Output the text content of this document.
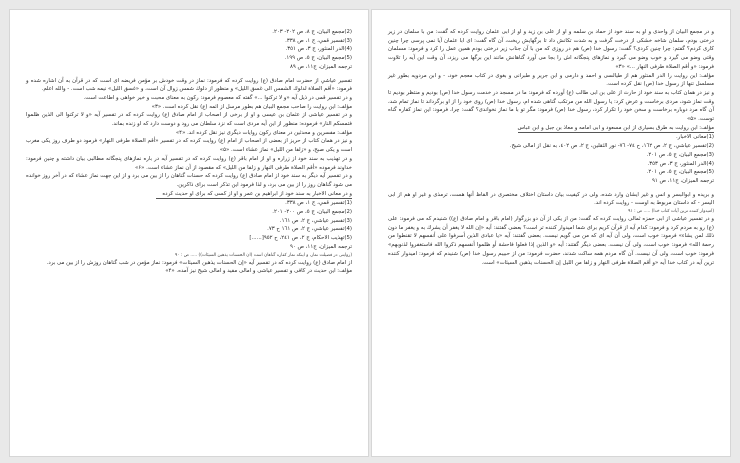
(2)مجمع البيان، ج ٨، ص ٢٠٢- ٢٠٣.
(3)تفسير قمي، ج ١، ص ٣٣٨.
(4)الدر المنثور، ج ٣، ص ٣٥١.
(5)مجمع البيان، ج ٥، ص ١٩٩.
ترجمه الميزان، ج١١، ص ٨٩

تفسير عياشي از حضرت امام صادق (ع) روايت کرده که فرمود: نماز در وقت خودش بر مؤمن فريضه ای است که در قرآن به آن اشاره شده و فرمود: «أقم الصلاة لدلوك الشمس الی غسق الليل» و منظور از دلوك شمس زوال آن است، و «غسق الليل» نيمه شب است. - والله اعلم.

و در تفسير قمی در ذيل آيه «و لا تركنوا ...» گفته که معصوم فرمود: رکون به معنای محبت و خير خواهی و اطاعت است.

مؤلف: اين روايت را صاحب مجمع البيان هم بطور مرسل از ائمه (ع) نقل کرده است. «۳»

و در تفسير عياشی از عثمان بن عيسی و او از برخی از اصحاب از امام صادق (ع) روايت کرده که در تفسير آيه «و لا تركنوا الی الذين ظلموا فتمسكم النار» فرموده: منظور از اين آيه مردی است که نزد سلطان می رود و دوست دارد که او زنده بماند.

مؤلف: مفسرين و محدثين در معنای رکون روايات ديگری نيز نقل کرده اند. «۴»

و نيز در همان کتاب از حريز از بعضی از اصحاب از امام (ع) روايت کرده که در تفسير «أقم الصلاة طرفی النهار» فرمود دو طرف روز يکی مغرب است و يکی صبح، و «زلفا من الليل» نماز عشاء است. «۵»

و در تهذيب به سند خود از زراره و او از امام باقر (ع) روايت کرده که در تفسير آيه در باره نمازهای پنجگانه مطالبی بيان داشته و چنين فرمود: خداوند فرموده «أقم الصلاة طرفی النهار و زلفا من الليل» که مقصود از آن نماز عشاء است. «۶»

و در تفسير آيه ديگر به سند خود از امام صادق (ع) روايت کرده که حسنات گناهان را از بين می برد و از اين جهت نماز عشاء که در آخر روز خوانده می شود گناهان روز را از بين می برد، و لذا فرمود اين تذکر است برای ذاکرين.

و در معانی الاخبار به سند خود از ابراهيم بن عمر و او از کسی که برای او حديث کرده

(1)تفسير قمي، ج ١، ص ٣٣٨.
(2)مجمع البيان، ج ٥، ص ٢٠٠- ٢٠١.
(3)تفسير عياشي، ج ٢، ص ١٦١.
(4)تفسير عياشي، ج ٢، ص ١٦١ ح ٧٣.
(5)تهذيب الاحكام، ج ٢، ص ٢٤١، ح ٩٥٢[......]
ترجمه الميزان، ج١١، ص ٩٠
(روايتی در فضيلت نماز، و اينکه نماز کفاره گناهان است (ان الحسنات يذهبن السيئات)) ..... ص : ٩٠

از امام صادق (ع) روايت کرده که در تفسير آيه «إن الحسنات يذهبن السيئات» فرمود: نماز مؤمن در شب گناهان روزش را از بين می برد.

مؤلف: اين حديث در کافی و تفسير عياشی و امالی مفيد و امالی شيخ نيز آمده. «۴»

و در مجمع البيان از واحدی و او به سند خود از حماد بن سلمه و او از علی بن زيد و او از ابی عثمان روايت کرده که گفت: من با سلمان در زير درختی بودم، سلمان شاخه خشکی از درخت گرفت و به شدت تکانش داد تا برگهايش ريخت، آن گاه گفت: ای ابا عثمان آيا نمی پرسی چرا چنين کاری کردم؟ گفتم: چرا چنين کردی؟ گفت: رسول خدا (ص) هم در روزی که من با آن جناب زير درختی بودم همين عمل را کرد و فرمود: مسلمان وقتی وضو می گيرد و خوب وضو می گيرد و نمازهای پنجگانه اش را بجا می آورد گناهانش مانند اين برگها می ريزد، آن وقت اين آيه را تلاوت فرمود: «و أقم الصلاة طرفی النهار ...» «۳»

مؤلف: اين روايت را الدر المنثور هم از طيالسی و احمد و دارمی و ابن جرير و طبرانی و بغوی در کتاب معجم خود، - و ابن مردويه بطور غير مسلسل تنها از رسول خدا (ص) نقل کرده است.

و نيز در همان کتاب به سند خود از حارث از علی بن ابی طالب (ع) آورده که فرمود: ما در مسجد در خدمت رسول خدا (ص) بوديم و منتظر بوديم تا وقت نماز شود، مردی برخاست و عرض کرد: يا رسول الله من مرتکب گناهی شده ام، رسول خدا (ص) روی خود را از او برگرداند تا نماز تمام شد، آن گاه مرد دوباره برخاست و سخن خود را تکرار کرد، رسول خدا (ص) فرمود: مگر تو با ما نماز نخواندی؟ گفت: چرا، فرمود: اين نماز کفاره گناه توست. «۵»

مؤلف: اين روايت به طرق بسياری از ابن مسعود و ابی امامه و معاذ بن جبل و ابن عباس

(1)معانی الاخبار.
(2)تفسير عياشي، ج ٢، ص ١٦٢، ح ٧٤- ٧٦- نور الثقلين، ج ٢، ص ٤٠٢، به نقل از امالی شيخ.
(3)مجمع البيان، ج ٥، ص ٢٠١.
(4)الدر المنثور، ج ٣، ص ٣٥٣.
(5)مجمع البيان، ج ٥، ص ٢٠١.
ترجمه الميزان، ج١١، ص ٩١

و بريده و ابوالبسر و انس و غير ايشان وارد شده، ولی در کيفيت بيان داستان اختلاف مختصری در الفاظ آنها هست، ترمذی و غير او هم از ابی اليسر - که داستان مربوط به اوست - روايت کرده اند.

(اميدوار کننده ترين آيات کتاب خدا) ..... ص : ٩١

و در تفسير عياشی از ابی حمزه ثمالی روايت کرده که گفت: من از يکی از آن دو بزرگوار (امام باقر و امام صادق (ع)) شنيدم که می فرمود: علی (ع) رو به مردم کرد و فرمود: کدام آيه از قرآن کريم برای شما اميدوار کننده تر است؟ بعضی گفتند: آيه «إن الله لا يغفر أن يشرك به و يغفر ما دون ذلك لمن يشاء» فرمود: خوب است، ولی آن آيه ای که من می گويم نيست. بعضی گفتند: آيه «يا عبادی الذين أسرفوا علی أنفسهم لا تقنطوا من رحمة الله» فرمود: خوب است، ولی آن نيست. بعضی ديگر گفتند: آيه «و الذين إذا فعلوا فاحشة أو ظلموا أنفسهم ذكروا الله فاستغفروا لذنوبهم» فرمود: خوب است، ولی آن نيست. آن گاه مردم همه ساکت شدند، حضرت فرمود: من از حبيبم رسول خدا (ص) شنيدم که فرمود: اميدوار کننده ترين آيه در کتاب خدا آيه «و أقم الصلاة طرفی النهار و زلفا من الليل إن الحسنات يذهبن السيئات» است.
